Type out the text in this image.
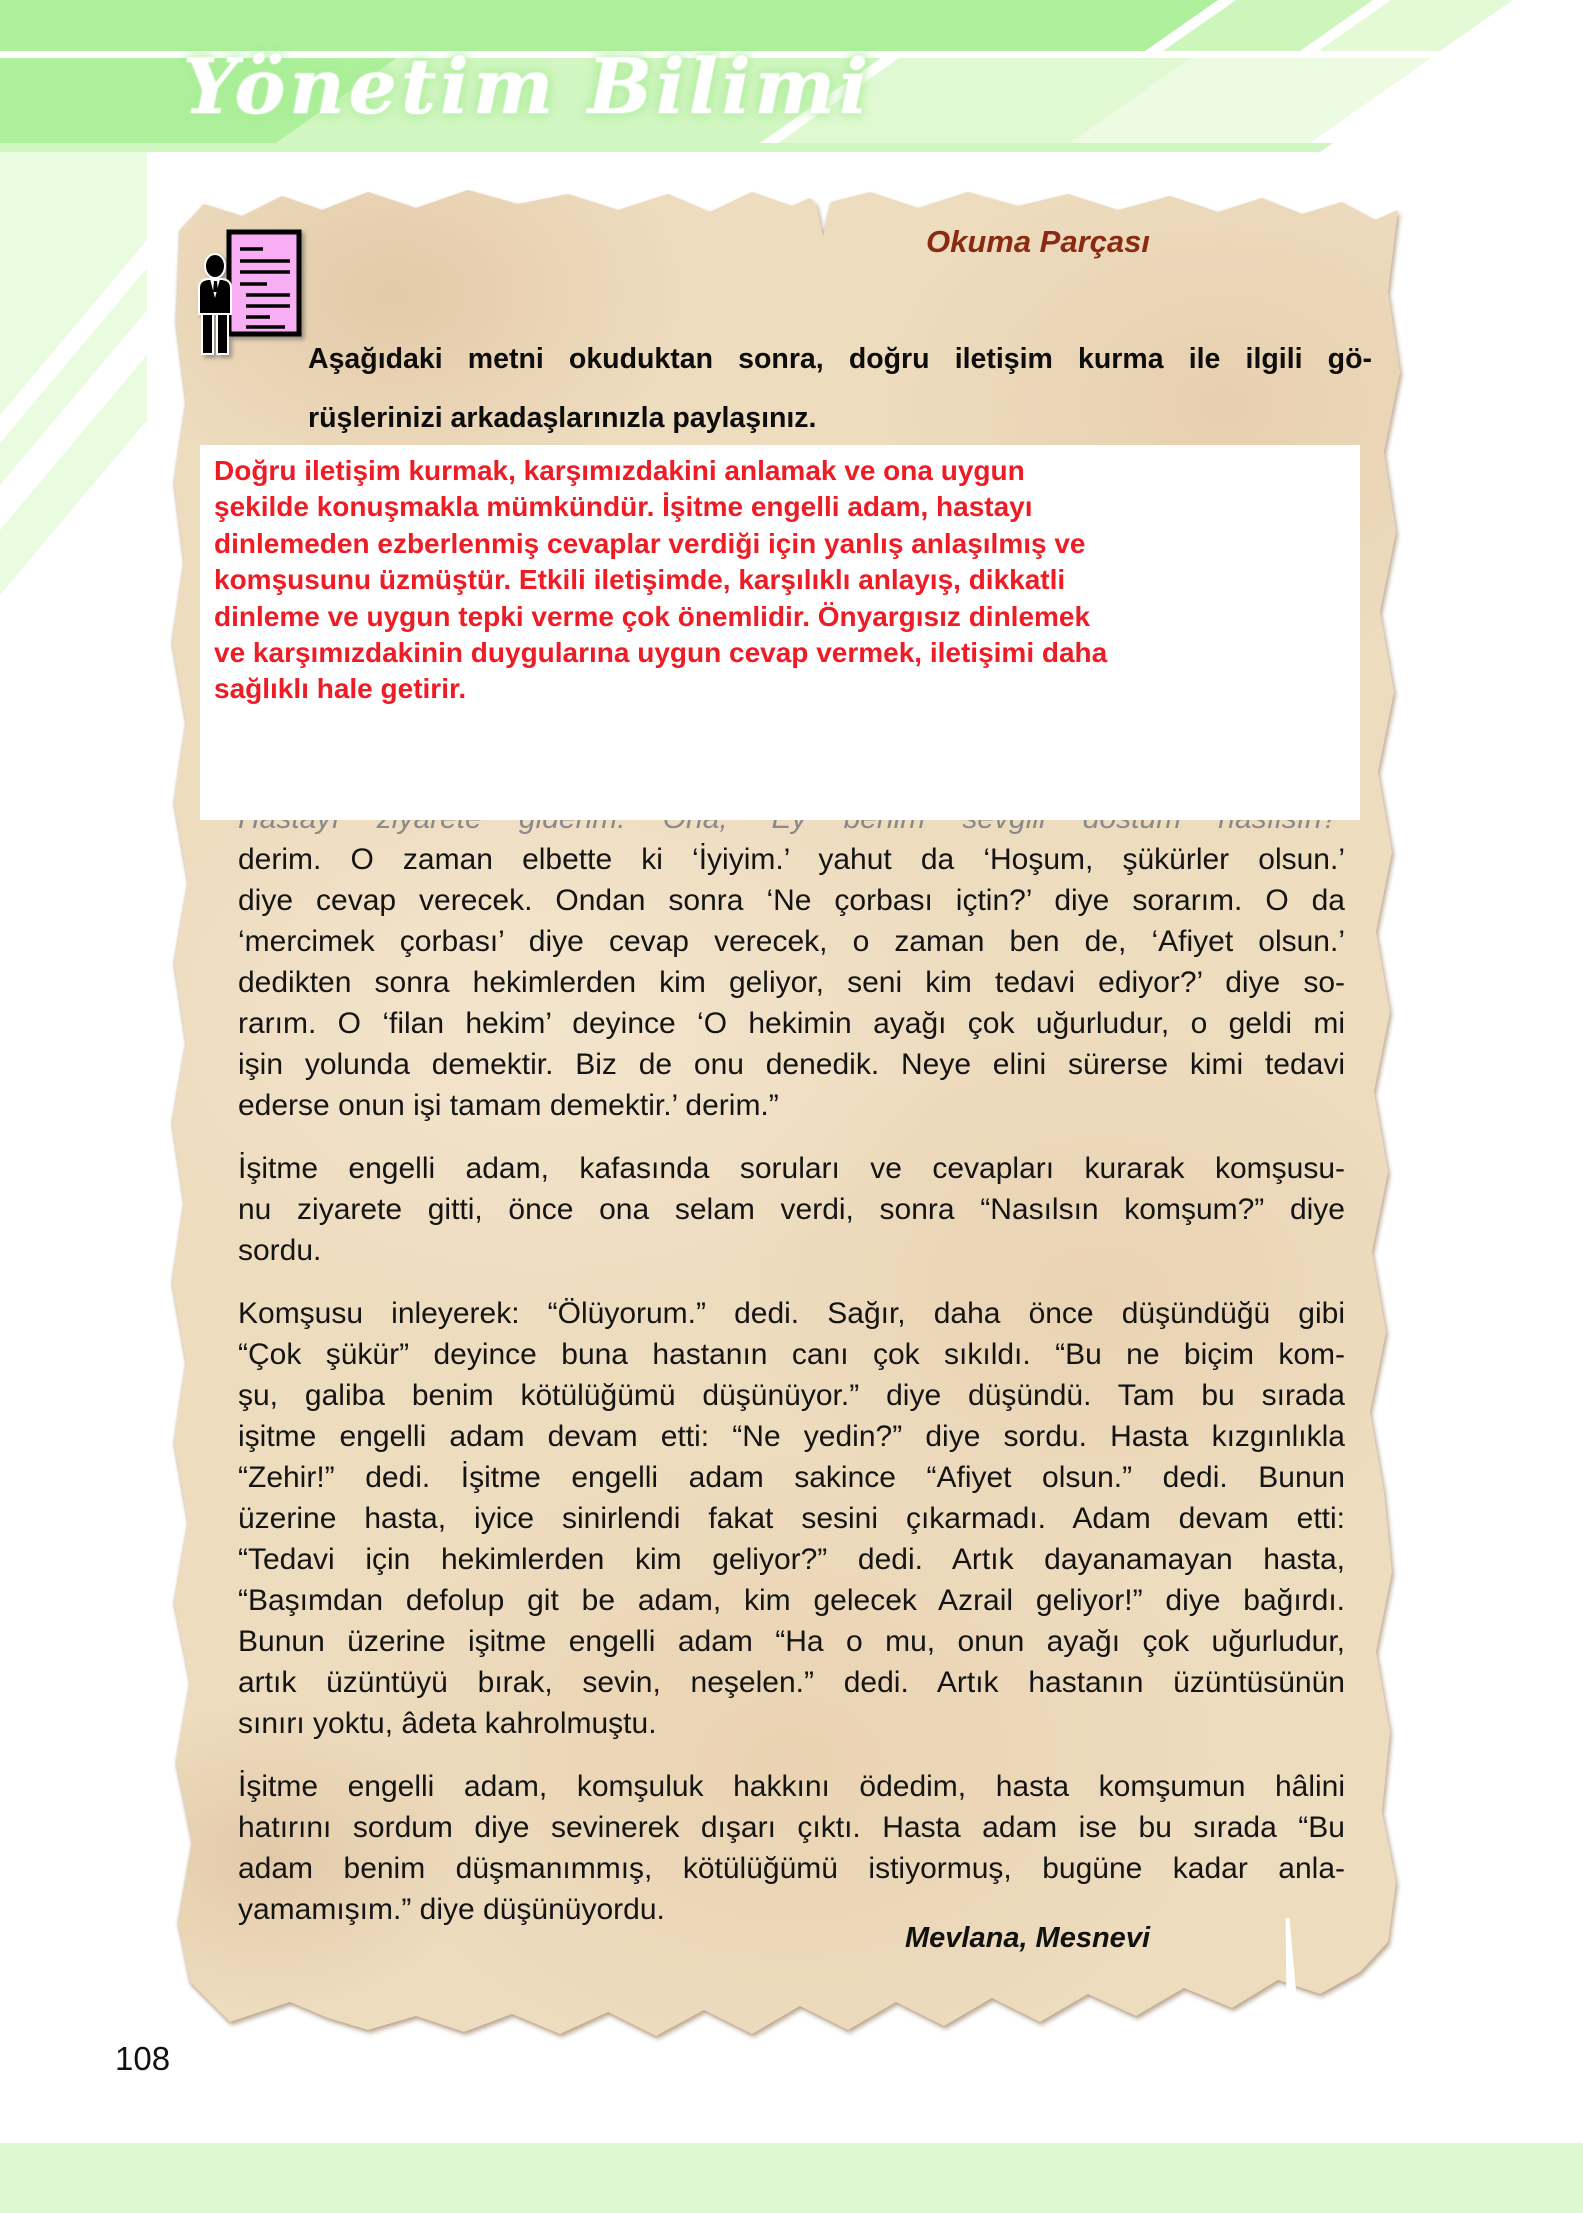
Yönetim Bilimi
Okuma Parçası
Aşağıdaki metni okuduktan sonra, doğru iletişim kurma ile ilgili gö-
rüşlerinizi arkadaşlarınızla paylaşınız.
derim. O zaman elbette ki ‘İyiyim.’ yahut da ‘Hoşum, şükürler olsun.’
diye cevap verecek. Ondan sonra ‘Ne çorbası içtin?’ diye sorarım. O da
‘mercimek çorbası’ diye cevap verecek, o zaman ben de, ‘Afiyet olsun.’
dedikten sonra hekimlerden kim geliyor, seni kim tedavi ediyor?’ diye so-
rarım. O ‘filan hekim’ deyince ‘O hekimin ayağı çok uğurludur, o geldi mi
işin yolunda demektir. Biz de onu denedik. Neye elini sürerse kimi tedavi
ederse onun işi tamam demektir.’ derim.”
İşitme engelli adam, kafasında soruları ve cevapları kurarak komşusu-
nu ziyarete gitti, önce ona selam verdi, sonra “Nasılsın komşum?” diye
sordu.
Komşusu inleyerek: “Ölüyorum.” dedi. Sağır, daha önce düşündüğü gibi
“Çok şükür” deyince buna hastanın canı çok sıkıldı. “Bu ne biçim kom-
şu, galiba benim kötülüğümü düşünüyor.” diye düşündü. Tam bu sırada
işitme engelli adam devam etti: “Ne yedin?” diye sordu. Hasta kızgınlıkla
“Zehir!” dedi. İşitme engelli adam sakince “Afiyet olsun.” dedi. Bunun
üzerine hasta, iyice sinirlendi fakat sesini çıkarmadı. Adam devam etti:
“Tedavi için hekimlerden kim geliyor?” dedi. Artık dayanamayan hasta,
“Başımdan defolup git be adam, kim gelecek Azrail geliyor!” diye bağırdı.
Bunun üzerine işitme engelli adam “Ha o mu, onun ayağı çok uğurludur,
artık üzüntüyü bırak, sevin, neşelen.” dedi. Artık hastanın üzüntüsünün
sınırı yoktu, âdeta kahrolmuştu.
İşitme engelli adam, komşuluk hakkını ödedim, hasta komşumun hâlini
hatırını sordum diye sevinerek dışarı çıktı. Hasta adam ise bu sırada “Bu
adam benim düşmanımmış, kötülüğümü istiyormuş, bugüne kadar anla-
yamamışım.” diye düşünüyordu.
Doğru iletişim kurmak, karşımızdakini anlamak ve ona uygun
şekilde konuşmakla mümkündür. İşitme engelli adam, hastayı
dinlemeden ezberlenmiş cevaplar verdiği için yanlış anlaşılmış ve
komşusunu üzmüştür. Etkili iletişimde, karşılıklı anlayış, dikkatli
dinleme ve uygun tepki verme çok önemlidir. Önyargısız dinlemek
ve karşımızdakinin duygularına uygun cevap vermek, iletişimi daha
sağlıklı hale getirir.
Mevlana, Mesnevi
108
